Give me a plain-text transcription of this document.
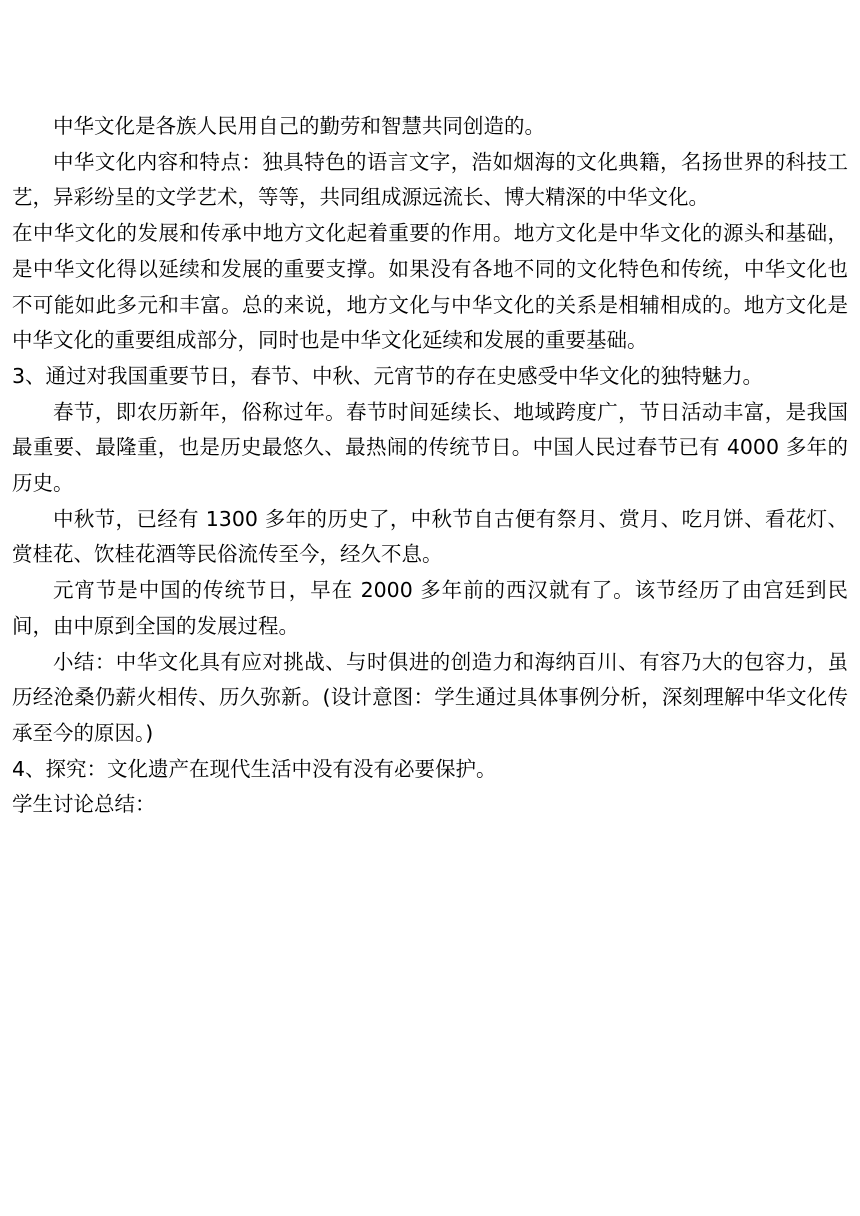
中华文化是各族人民用自己的勤劳和智慧共同创造的。

中华文化内容和特点：独具特色的语言文字，浩如烟海的文化典籍，名扬世界的科技工艺，异彩纷呈的文学艺术，等等，共同组成源远流长、博大精深的中华文化。

在中华文化的发展和传承中地方文化起着重要的作用。地方文化是中华文化的源头和基础，是中华文化得以延续和发展的重要支撑。如果没有各地不同的文化特色和传统，中华文化也不可能如此多元和丰富。总的来说，地方文化与中华文化的关系是相辅相成的。地方文化是中华文化的重要组成部分，同时也是中华文化延续和发展的重要基础。

3、通过对我国重要节日，春节、中秋、元宵节的存在史感受中华文化的独特魅力。

春节，即农历新年，俗称过年。春节时间延续长、地域跨度广，节日活动丰富，是我国最重要、最隆重，也是历史最悠久、最热闹的传统节日。中国人民过春节已有 4000 多年的历史。

中秋节，已经有 1300 多年的历史了，中秋节自古便有祭月、赏月、吃月饼、看花灯、赏桂花、饮桂花酒等民俗流传至今，经久不息。

元宵节是中国的传统节日，早在 2000 多年前的西汉就有了。该节经历了由宫廷到民间，由中原到全国的发展过程。

小结：中华文化具有应对挑战、与时俱进的创造力和海纳百川、有容乃大的包容力，虽历经沧桑仍薪火相传、历久弥新。(设计意图：学生通过具体事例分析，深刻理解中华文化传承至今的原因。)

4、探究：文化遗产在现代生活中没有没有必要保护。

学生讨论总结：
